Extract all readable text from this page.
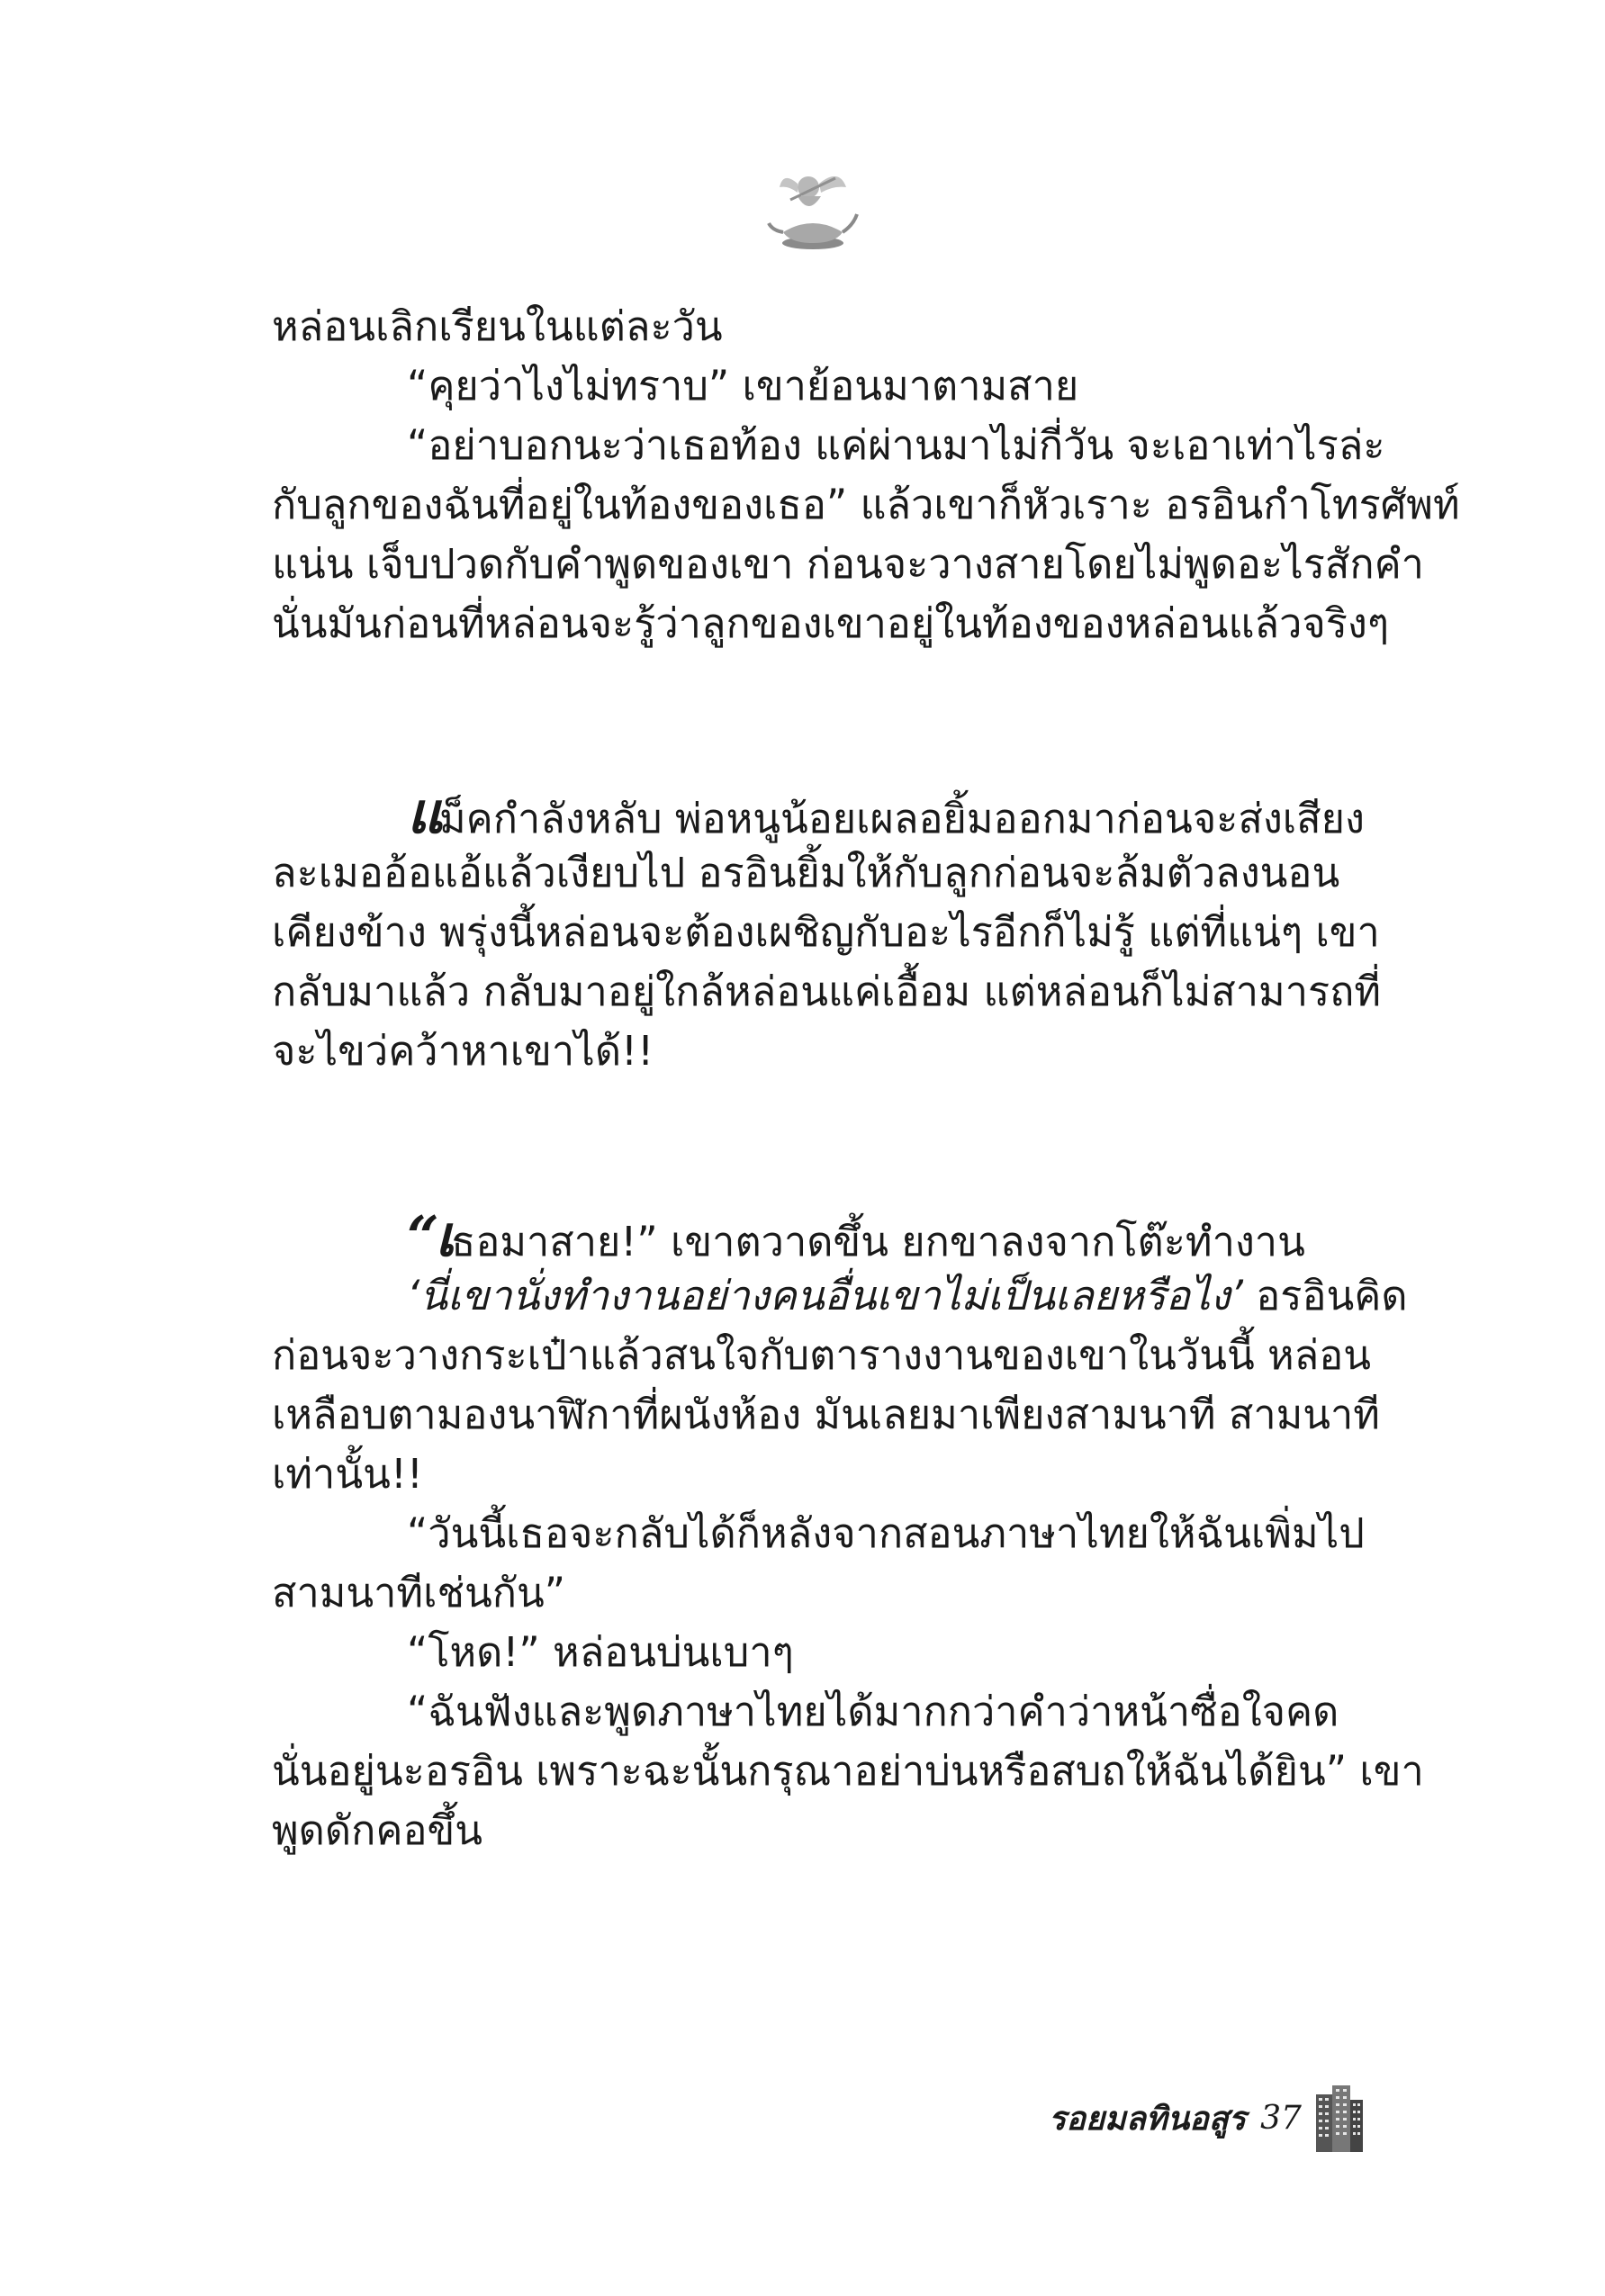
หล่อนเลิกเรียนในแต่ละวัน
“คุยว่าไงไม่ทราบ” เขาย้อนมาตามสาย
“อย่าบอกนะว่าเธอท้อง แค่ผ่านมาไม่กี่วัน จะเอาเท่าไรล่ะ
กับลูกของฉันที่อยู่ในท้องของเธอ” แล้วเขาก็หัวเราะ อรอินกำโทรศัพท์
แน่น เจ็บปวดกับคำพูดของเขา ก่อนจะวางสายโดยไม่พูดอะไรสักคำ
นั่นมันก่อนที่หล่อนจะรู้ว่าลูกของเขาอยู่ในท้องของหล่อนแล้วจริงๆ
แม็คกำลังหลับ พ่อหนูน้อยเผลอยิ้มออกมาก่อนจะส่งเสียง
ละเมออ้อแอ้แล้วเงียบไป อรอินยิ้มให้กับลูกก่อนจะล้มตัวลงนอน
เคียงข้าง พรุ่งนี้หล่อนจะต้องเผชิญกับอะไรอีกก็ไม่รู้ แต่ที่แน่ๆ เขา
กลับมาแล้ว กลับมาอยู่ใกล้หล่อนแค่เอื้อม แต่หล่อนก็ไม่สามารถที่
จะไขว่คว้าหาเขาได้!!
“เธอมาสาย!” เขาตวาดขึ้น ยกขาลงจากโต๊ะทำงาน
‘นี่เขานั่งทำงานอย่างคนอื่นเขาไม่เป็นเลยหรือไง’ อรอินคิด
ก่อนจะวางกระเป๋าแล้วสนใจกับตารางงานของเขาในวันนี้ หล่อน
เหลือบตามองนาฬิกาที่ผนังห้อง มันเลยมาเพียงสามนาที สามนาที
เท่านั้น!!
“วันนี้เธอจะกลับได้ก็หลังจากสอนภาษาไทยให้ฉันเพิ่มไป
สามนาทีเช่นกัน”
“โหด!” หล่อนบ่นเบาๆ
“ฉันฟังและพูดภาษาไทยได้มากกว่าคำว่าหน้าซื่อใจคด
นั่นอยู่นะอรอิน เพราะฉะนั้นกรุณาอย่าบ่นหรือสบถให้ฉันได้ยิน” เขา
พูดดักคอขึ้น
รอยมลทินอสูร 37
